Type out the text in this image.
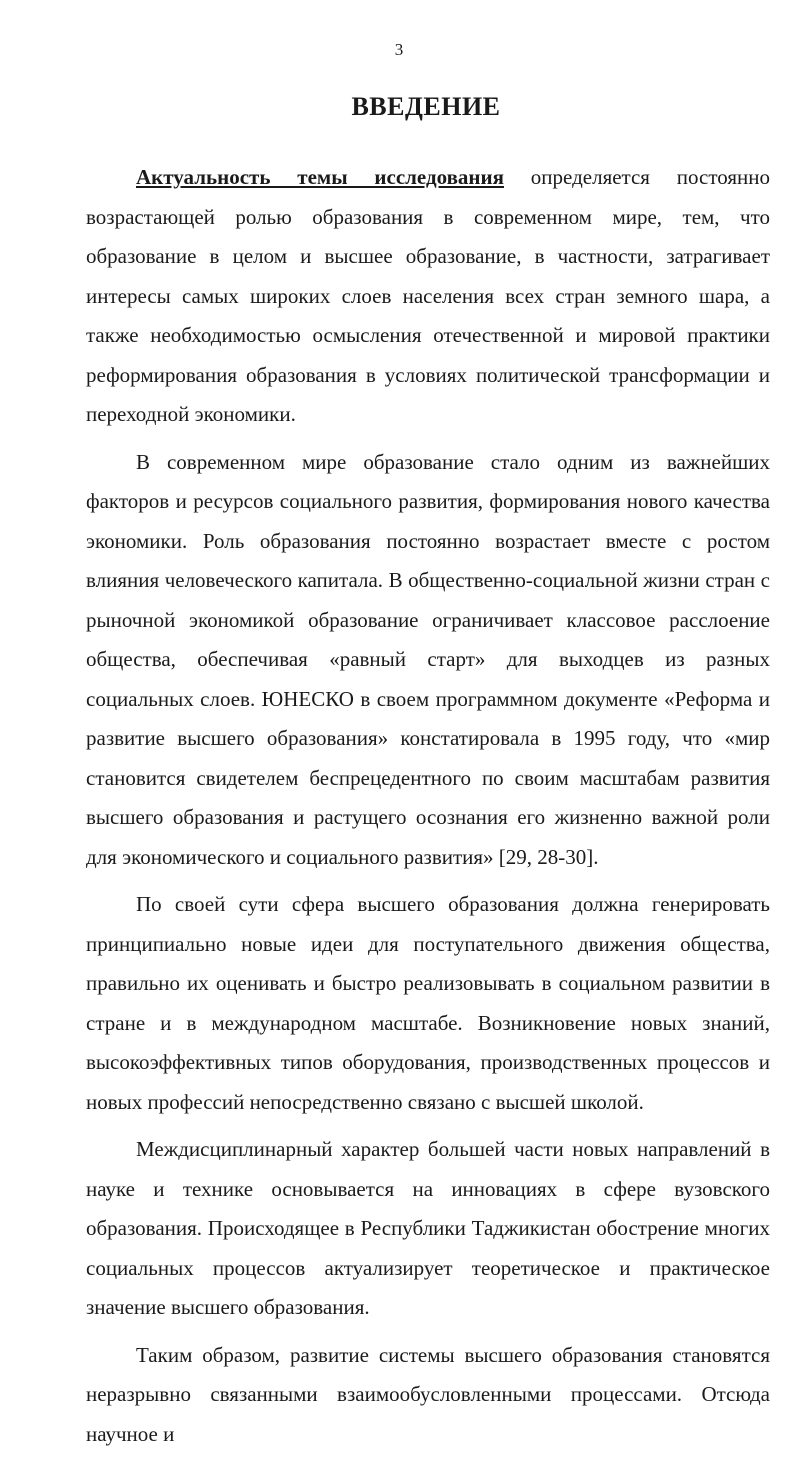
3
ВВЕДЕНИЕ

Актуальность темы исследования определяется постоянно возрастающей ролью образования в современном мире, тем, что образование в целом и высшее образование, в частности, затрагивает интересы самых широких слоев населения всех стран земного шара, а также необходимостью осмысления отечественной и мировой практики реформирования образования в условиях политической трансформации и переходной экономики.

В современном мире образование стало одним из важнейших факторов и ресурсов социального развития, формирования нового качества экономики. Роль образования постоянно возрастает вместе с ростом влияния человеческого капитала. В общественно-социальной жизни стран с рыночной экономикой образование ограничивает классовое расслоение общества, обеспечивая «равный старт» для выходцев из разных социальных слоев. ЮНЕСКО в своем программном документе «Реформа и развитие высшего образования» констатировала в 1995 году, что «мир становится свидетелем беспрецедентного по своим масштабам развития высшего образования и растущего осознания его жизненно важной роли для экономического и социального развития» [29, 28-30].

По своей сути сфера высшего образования должна генерировать принципиально новые идеи для поступательного движения общества, правильно их оценивать и быстро реализовывать в социальном развитии в стране и в международном масштабе. Возникновение новых знаний, высокоэффективных типов оборудования, производственных процессов и новых профессий непосредственно связано с высшей школой.

Междисциплинарный характер большей части новых направлений в науке и технике основывается на инновациях в сфере вузовского образования. Происходящее в Республики Таджикистан обострение многих социальных процессов актуализирует теоретическое и практическое значение высшего образования.

Таким образом, развитие системы высшего образования становятся неразрывно связанными взаимообусловленными процессами. Отсюда научное и
